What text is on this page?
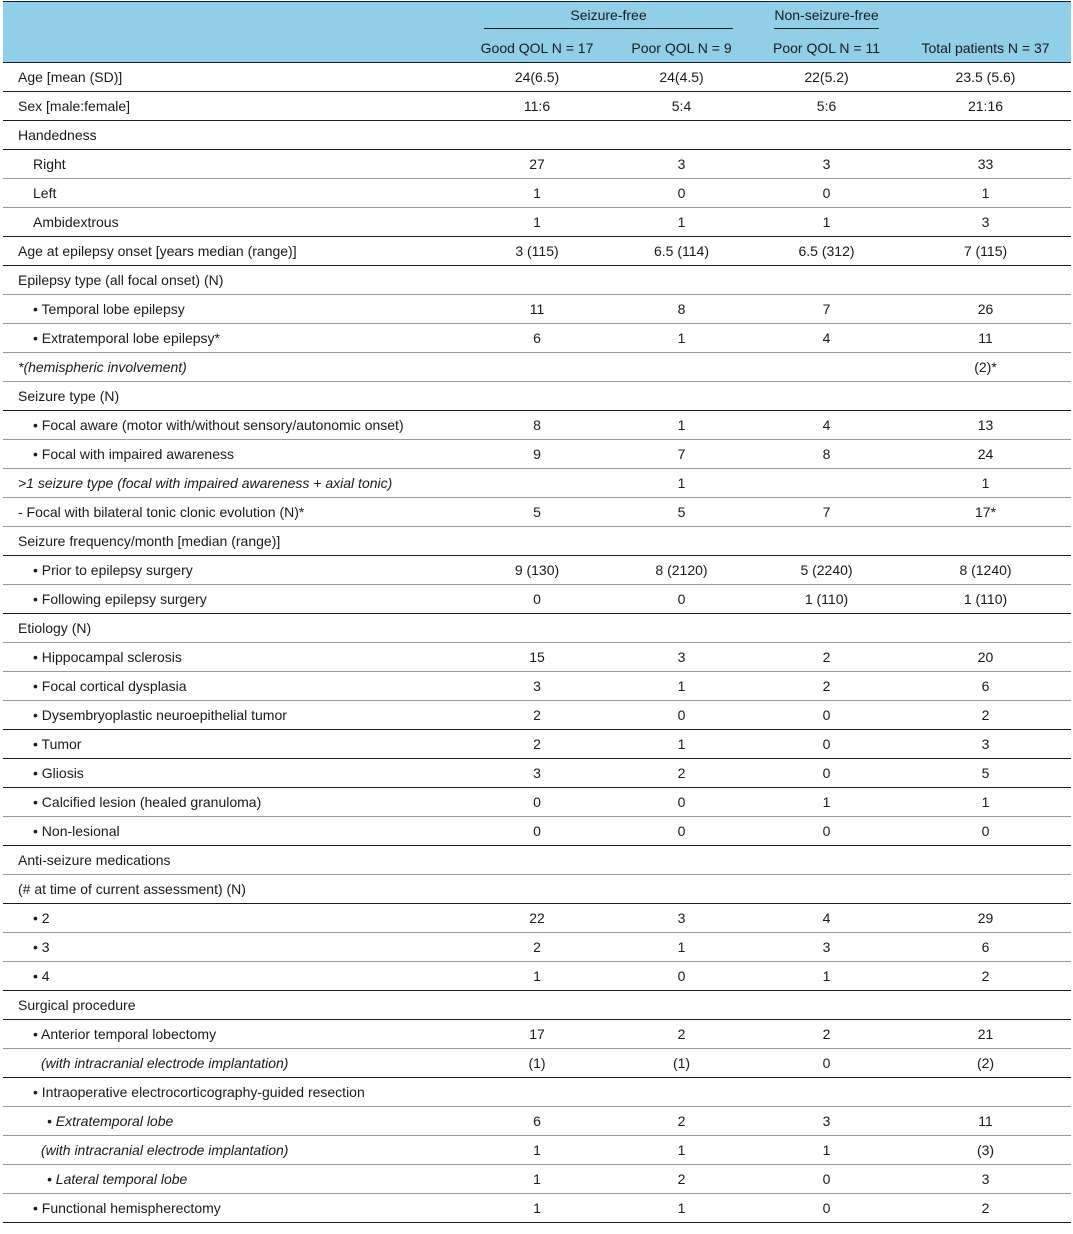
	Seizure-free		Non-seizure-free	
	Good QOL N = 17	Poor QOL N = 9	Poor QOL N = 11	Total patients N = 37
Age [mean (SD)]	24(6.5)	24(4.5)	22(5.2)	23.5 (5.6)
Sex [male:female]	11:6	5:4	5:6	21:16
Handedness				
Right	27	3	3	33
Left	1	0	0	1
Ambidextrous	1	1	1	3
Age at epilepsy onset [years median (range)]	3 (115)	6.5 (114)	6.5 (312)	7 (115)
Epilepsy type (all focal onset) (N)				
• Temporal lobe epilepsy	11	8	7	26
• Extratemporal lobe epilepsy*	6	1	4	11
*(hemispheric involvement)				(2)*
Seizure type (N)				
• Focal aware (motor with/without sensory/autonomic onset)	8	1	4	13
• Focal with impaired awareness	9	7	8	24
>1 seizure type (focal with impaired awareness + axial tonic)		1		1
- Focal with bilateral tonic clonic evolution (N)*	5	5	7	17*
Seizure frequency/month [median (range)]				
• Prior to epilepsy surgery	9 (130)	8 (2120)	5 (2240)	8 (1240)
• Following epilepsy surgery	0	0	1 (110)	1 (110)
Etiology (N)				
• Hippocampal sclerosis	15	3	2	20
• Focal cortical dysplasia	3	1	2	6
• Dysembryoplastic neuroepithelial tumor	2	0	0	2
• Tumor	2	1	0	3
• Gliosis	3	2	0	5
• Calcified lesion (healed granuloma)	0	0	1	1
• Non-lesional	0	0	0	0
Anti-seizure medications				
(# at time of current assessment) (N)				
• 2	22	3	4	29
• 3	2	1	3	6
• 4	1	0	1	2
Surgical procedure				
• Anterior temporal lobectomy	17	2	2	21
(with intracranial electrode implantation)	(1)	(1)	0	(2)
• Intraoperative electrocorticography-guided resection				
• Extratemporal lobe	6	2	3	11
(with intracranial electrode implantation)	1	1	1	(3)
• Lateral temporal lobe	1	2	0	3
• Functional hemispherectomy	1	1	0	2
